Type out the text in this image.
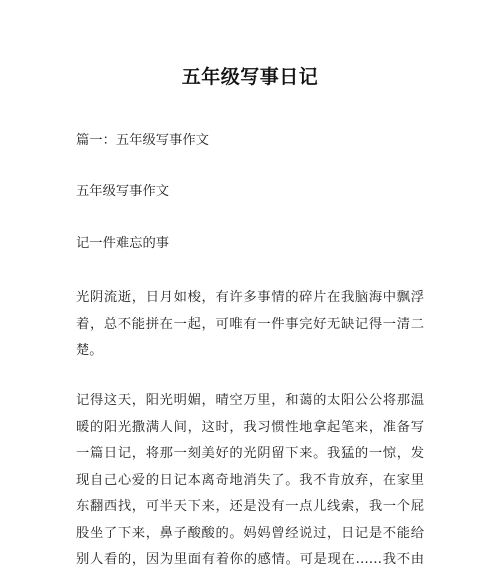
五年级写事日记
篇一：五年级写事作文
五年级写事作文
记一件难忘的事
光阴流逝，日月如梭，有许多事情的碎片在我脑海中飘浮
着，总不能拼在一起，可唯有一件事完好无缺记得一清二
楚。
记得这天，阳光明媚，晴空万里，和蔼的太阳公公将那温
暖的阳光撒满人间，这时，我习惯性地拿起笔来，准备写
一篇日记，将那一刻美好的光阴留下来。我猛的一惊，发
现自己心爱的日记本离奇地消失了。我不肯放弃，在家里
东翻西找，可半天下来，还是没有一点儿线索，我一个屁
股坐了下来，鼻子酸酸的。妈妈曾经说过，日记是不能给
别人看的，因为里面有着你的感情。可是现在……我不由
